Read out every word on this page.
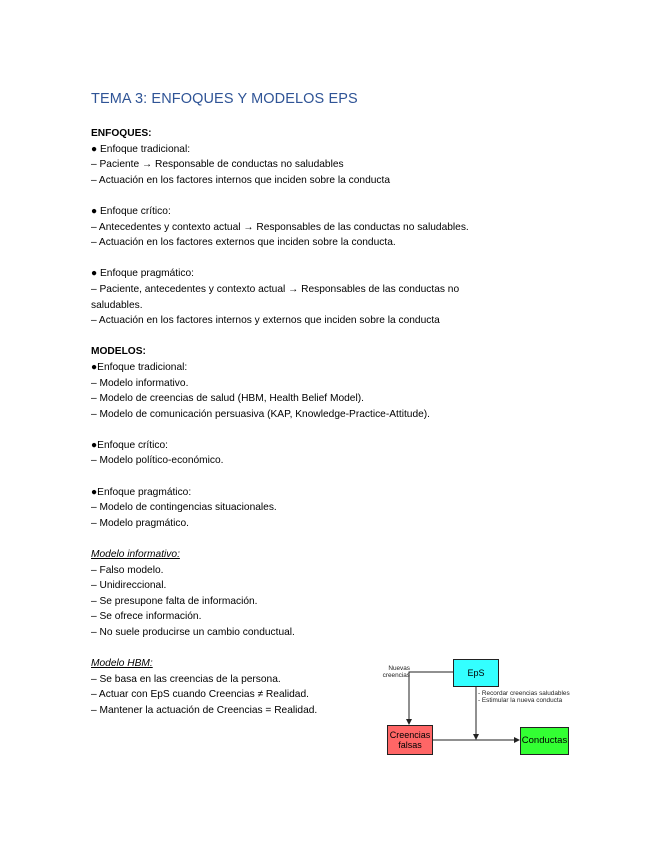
TEMA 3: ENFOQUES Y MODELOS EPS
ENFOQUES:
● Enfoque tradicional:
– Paciente → Responsable de conductas no saludables
– Actuación en los factores internos que inciden sobre la conducta
● Enfoque crítico:
– Antecedentes y contexto actual → Responsables de las conductas no saludables.
– Actuación en los factores externos que inciden sobre la conducta.
● Enfoque pragmático:
– Paciente, antecedentes y contexto actual → Responsables de las conductas no
saludables.
– Actuación en los factores internos y externos que inciden sobre la conducta
MODELOS:
●Enfoque tradicional:
– Modelo informativo.
– Modelo de creencias de salud (HBM, Health Belief Model).
– Modelo de comunicación persuasiva (KAP, Knowledge-Practice-Attitude).
●Enfoque crítico:
– Modelo político-económico.
●Enfoque pragmático:
– Modelo de contingencias situacionales.
– Modelo pragmático.
Modelo informativo:
– Falso modelo.
– Unidireccional.
– Se presupone falta de información.
– Se ofrece información.
– No suele producirse un cambio conductual.
Modelo HBM:
– Se basa en las creencias de la persona.
– Actuar con EpS cuando Creencias ≠ Realidad.
– Mantener la actuación de Creencias = Realidad.
Nuevas creencias	EpS
- Recordar creencias saludables
- Estimular la nueva conducta
Creencias falsas	Conductas
